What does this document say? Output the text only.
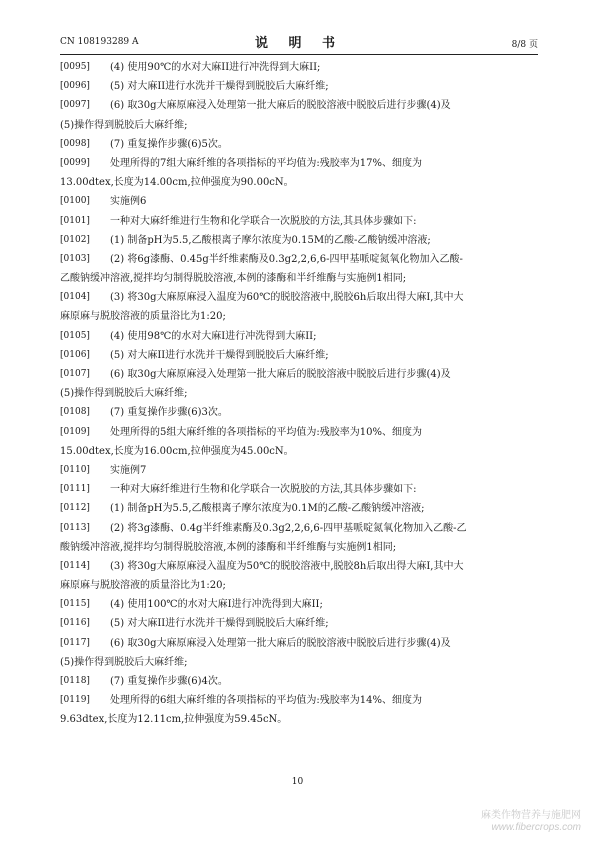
CN 108193289 A	说 明 书	8/8 页
[0095] (4) 使用90℃的水对大麻II进行冲洗得到大麻II;
[0096] (5) 对大麻II进行水洗并干燥得到脱胶后大麻纤维;
[0097] (6) 取30g大麻原麻浸入处理第一批大麻后的脱胶溶液中脱胶后进行步骤(4)及
(5)操作得到脱胶后大麻纤维;
[0098] (7) 重复操作步骤(6)5次。
[0099] 处理所得的7组大麻纤维的各项指标的平均值为:残胶率为17%、细度为
13.00dtex,长度为14.00cm,拉伸强度为90.00cN。
[0100] 实施例6
[0101] 一种对大麻纤维进行生物和化学联合一次脱胶的方法,其具体步骤如下:
[0102] (1) 制备pH为5.5,乙酸根离子摩尔浓度为0.15M的乙酸-乙酸钠缓冲溶液;
[0103] (2) 将6g漆酶、0.45g半纤维素酶及0.3g2,2,6,6-四甲基哌啶氮氧化物加入乙酸-
乙酸钠缓冲溶液,搅拌均匀制得脱胶溶液,本例的漆酶和半纤维酶与实施例1相同;
[0104] (3) 将30g大麻原麻浸入温度为60℃的脱胶溶液中,脱胶6h后取出得大麻I,其中大
麻原麻与脱胶溶液的质量浴比为1:20;
[0105] (4) 使用98℃的水对大麻I进行冲洗得到大麻II;
[0106] (5) 对大麻II进行水洗并干燥得到脱胶后大麻纤维;
[0107] (6) 取30g大麻原麻浸入处理第一批大麻后的脱胶溶液中脱胶后进行步骤(4)及
(5)操作得到脱胶后大麻纤维;
[0108] (7) 重复操作步骤(6)3次。
[0109] 处理所得的5组大麻纤维的各项指标的平均值为:残胶率为10%、细度为
15.00dtex,长度为16.00cm,拉伸强度为45.00cN。
[0110] 实施例7
[0111] 一种对大麻纤维进行生物和化学联合一次脱胶的方法,其具体步骤如下:
[0112] (1) 制备pH为5.5,乙酸根离子摩尔浓度为0.1M的乙酸-乙酸钠缓冲溶液;
[0113] (2) 将3g漆酶、0.4g半纤维素酶及0.3g2,2,6,6-四甲基哌啶氮氧化物加入乙酸-乙
酸钠缓冲溶液,搅拌均匀制得脱胶溶液,本例的漆酶和半纤维酶与实施例1相同;
[0114] (3) 将30g大麻原麻浸入温度为50℃的脱胶溶液中,脱胶8h后取出得大麻I,其中大
麻原麻与脱胶溶液的质量浴比为1:20;
[0115] (4) 使用100℃的水对大麻I进行冲洗得到大麻II;
[0116] (5) 对大麻II进行水洗并干燥得到脱胶后大麻纤维;
[0117] (6) 取30g大麻原麻浸入处理第一批大麻后的脱胶溶液中脱胶后进行步骤(4)及
(5)操作得到脱胶后大麻纤维;
[0118] (7) 重复操作步骤(6)4次。
[0119] 处理所得的6组大麻纤维的各项指标的平均值为:残胶率为14%、细度为
9.63dtex,长度为12.11cm,拉伸强度为59.45cN。
10
麻类作物营养与施肥网
www.fibercrops.com
